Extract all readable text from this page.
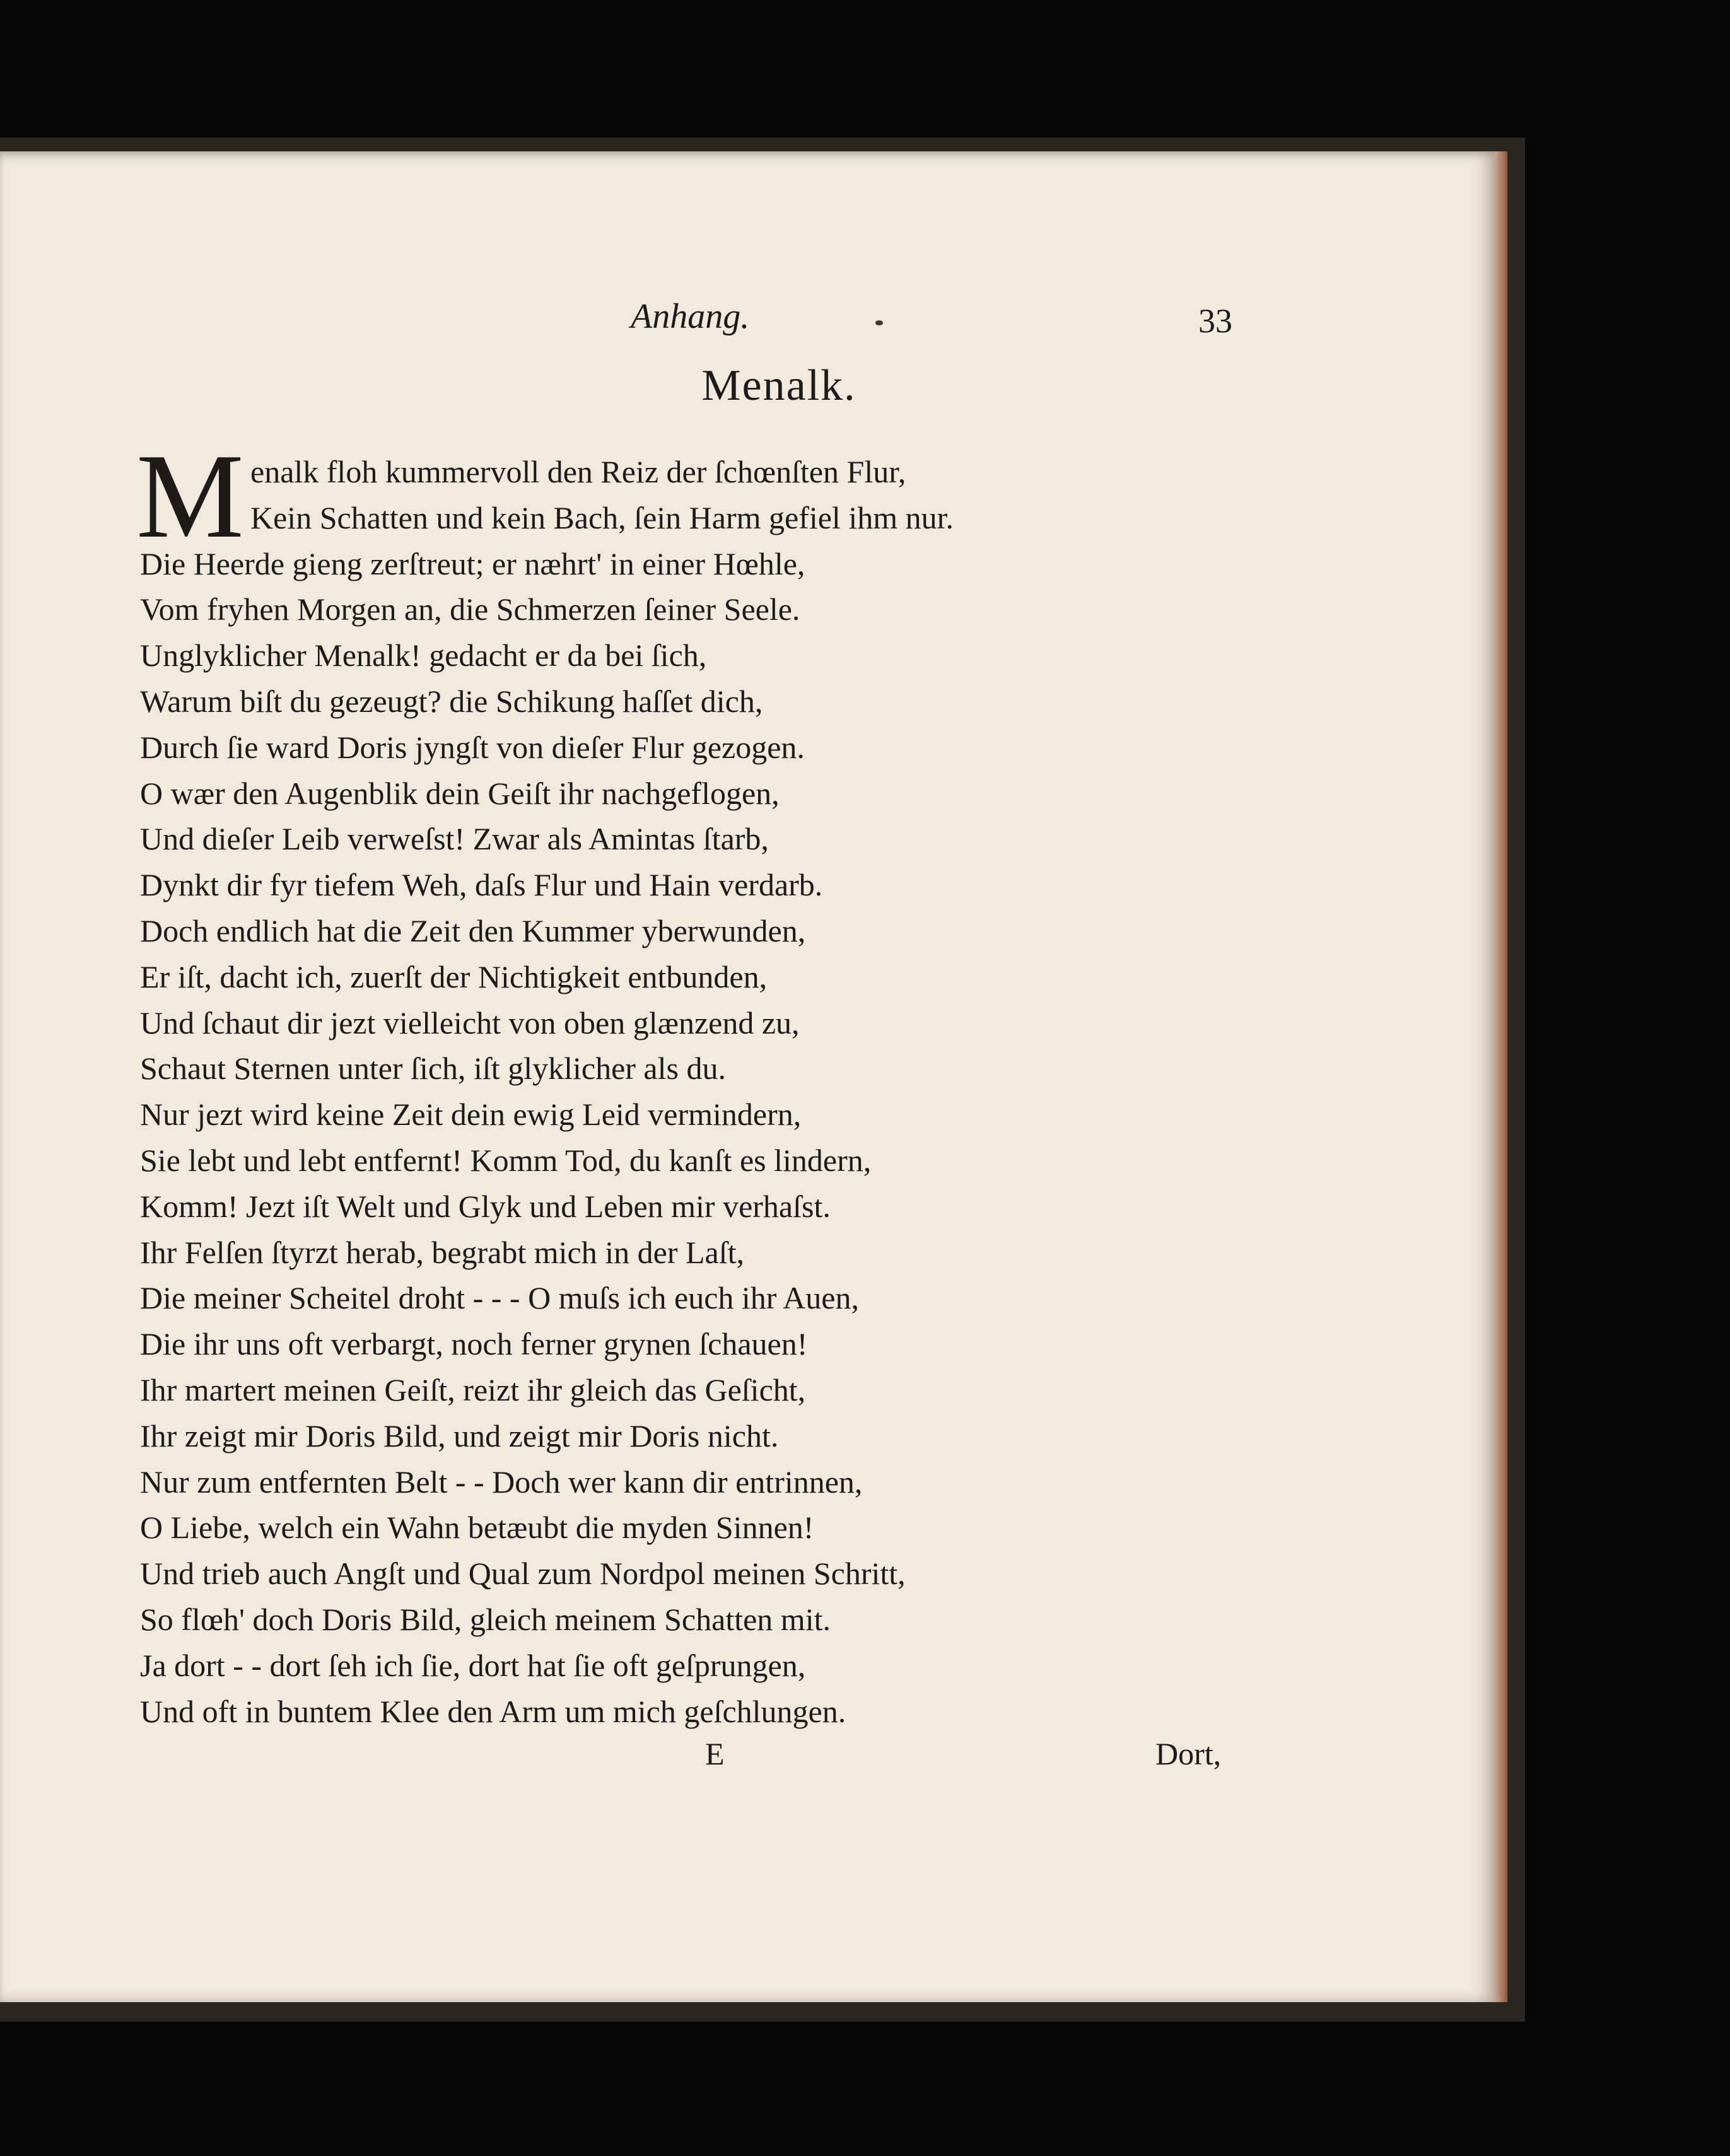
Anhang.	33
Menalk.
M enalk floh kummervoll den Reiz der ſchœnſten Flur,
Kein Schatten und kein Bach, ſein Harm gefiel ihm nur.
Die Heerde gieng zerſtreut; er næhrt' in einer Hœhle,
Vom fryhen Morgen an, die Schmerzen ſeiner Seele.
Unglyklicher Menalk! gedacht er da bei ſich,
Warum biſt du gezeugt? die Schikung haſſet dich,
Durch ſie ward Doris jyngſt von dieſer Flur gezogen.
O wær den Augenblik dein Geiſt ihr nachgeflogen,
Und dieſer Leib verweſst! Zwar als Amintas ſtarb,
Dynkt dir fyr tiefem Weh, daſs Flur und Hain verdarb.
Doch endlich hat die Zeit den Kummer yberwunden,
Er iſt, dacht ich, zuerſt der Nichtigkeit entbunden,
Und ſchaut dir jezt vielleicht von oben glænzend zu,
Schaut Sternen unter ſich, iſt glyklicher als du.
Nur jezt wird keine Zeit dein ewig Leid vermindern,
Sie lebt und lebt entfernt! Komm Tod, du kanſt es lindern,
Komm! Jezt iſt Welt und Glyk und Leben mir verhaſst.
Ihr Felſen ſtyrzt herab, begrabt mich in der Laſt,
Die meiner Scheitel droht - - - O muſs ich euch ihr Auen,
Die ihr uns oft verbargt, noch ferner grynen ſchauen!
Ihr martert meinen Geiſt, reizt ihr gleich das Geſicht,
Ihr zeigt mir Doris Bild, und zeigt mir Doris nicht.
Nur zum entfernten Belt - - Doch wer kann dir entrinnen,
O Liebe, welch ein Wahn betæubt die myden Sinnen!
Und trieb auch Angſt und Qual zum Nordpol meinen Schritt,
So flœh' doch Doris Bild, gleich meinem Schatten mit.
Ja dort - - dort ſeh ich ſie, dort hat ſie oft geſprungen,
Und oft in buntem Klee den Arm um mich geſchlungen.
E	Dort,
